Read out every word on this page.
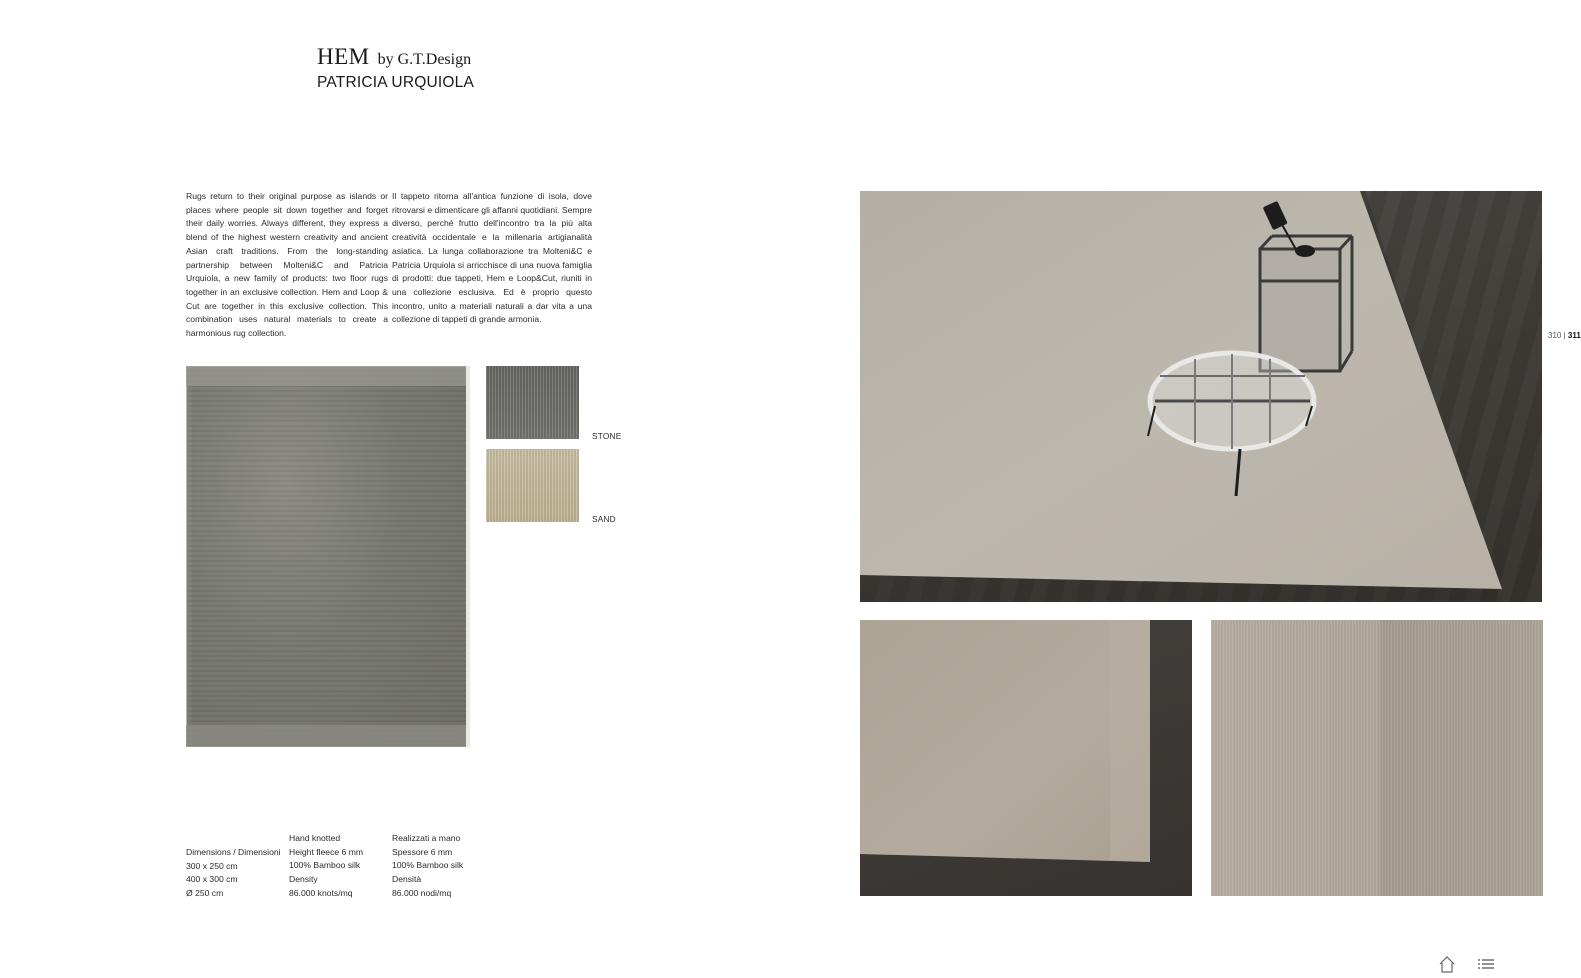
HEM by G.T.Design
PATRICIA URQUIOLA
Rugs return to their original purpose as islands or places where people sit down together and forget their daily worries. Always different, they express a blend of the highest western creativity and ancient Asian craft traditions. From the long-standing partnership between Molteni&C and Patricia Urquiola, a new family of products: two floor rugs together in an exclusive collection. Hem and Loop & Cut are together in this exclusive collection. This combination uses natural materials to create a harmonious rug collection.
Il tappeto ritorna all'antica funzione di isola, dove ritrovarsi e dimenticare gli affanni quotidiani. Sempre diverso, perché frutto dell'incontro tra la più alta creatività occidentale e la millenaria artigianalità asiatica. La lunga collaborazione tra Molteni&C e Patricia Urquiola si arricchisce di una nuova famiglia di prodotti: due tappeti, Hem e Loop&Cut, riuniti in una collezione esclusiva. Ed è proprio questo incontro, unito a materiali naturali a dar vita a una collezione di tappeti di grande armonia.
STONE
SAND
Dimensions / Dimensioni
300 x 250 cm
400 x 300 cm
Ø 250 cm
Hand knotted
Height fleece 6 mm
100% Bamboo silk
Density
86.000 knots/mq
Realizzati a mano
Spessore 6 mm
100% Bamboo silk
Densità
86.000 nodi/mq
310 | 311
